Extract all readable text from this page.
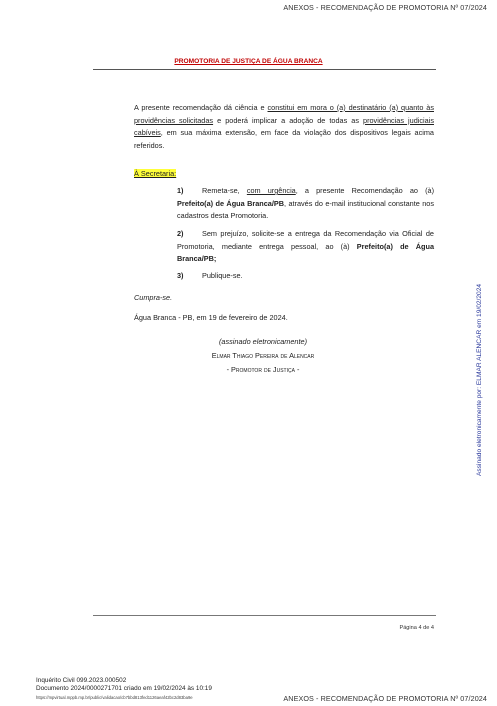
ANEXOS - RECOMENDAÇÃO DE PROMOTORIA Nº 07/2024
PROMOTORIA DE JUSTIÇA DE ÁGUA BRANCA
A presente recomendação dá ciência e constitui em mora o (a) destinatário (a) quanto às providências solicitadas e poderá implicar a adoção de todas as providências judiciais cabíveis, em sua máxima extensão, em face da violação dos dispositivos legais acima referidos.
À Secretaria:
1)	Remeta-se, com urgência, a presente Recomendação ao (à) Prefeito(a) de Água Branca/PB, através do e-mail institucional constante nos cadastros desta Promotoria.
2)	Sem prejuízo, solicite-se a entrega da Recomendação via Oficial de Promotoria, mediante entrega pessoal, ao (à) Prefeito(a) de Água Branca/PB;
3)	Publique-se.
Cumpra-se.
Água Branca - PB, em 19 de fevereiro de 2024.
(assinado eletronicamente)
Elmar Thiago Pereira de Alencar
- Promotor de Justiça -	Assinado eletronicamente por: ELMAR ALENCAR em 19/02/2024
Página 4 de 4
Inquérito Civil 099.2023.000502
Documento 2024/0000271701 criado em 19/02/2024 às 10:19
https://mpvirtual.mppb.mp.br/public/validacao/cb7bbd813fed1126aeaf42bc2d83ba9e	ANEXOS - RECOMENDAÇÃO DE PROMOTORIA Nº 07/2024
